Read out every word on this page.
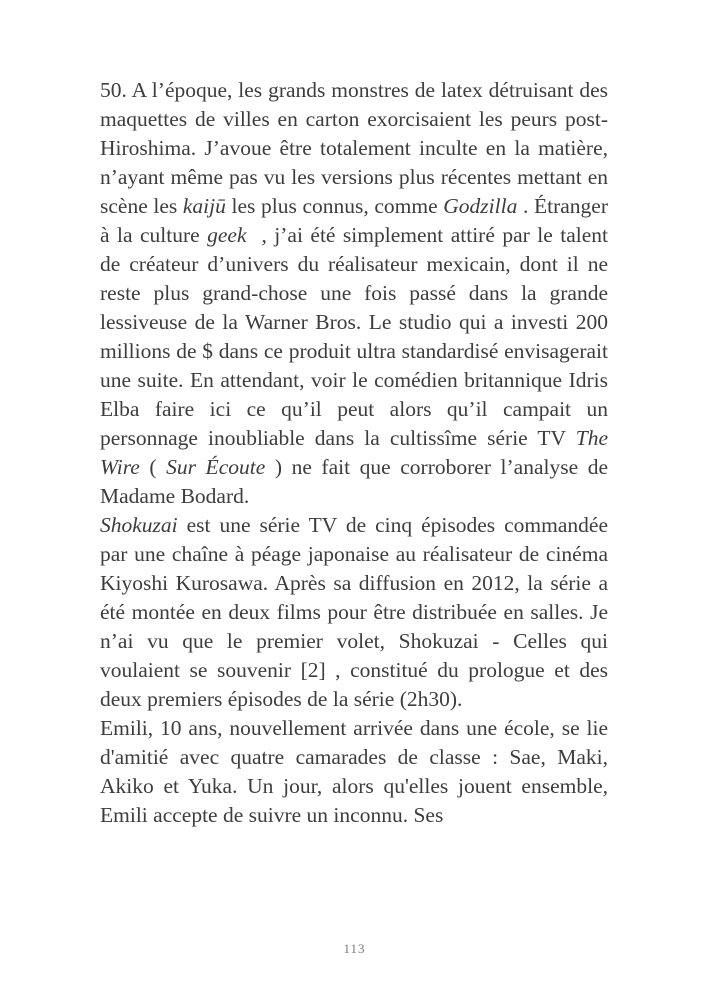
50. A l’époque, les grands monstres de latex détruisant des maquettes de villes en carton exorcisaient les peurs post-Hiroshima. J’avoue être totalement inculte en la matière, n’ayant même pas vu les versions plus récentes mettant en scène les kaijū les plus connus, comme Godzilla . Étranger à la culture geek  , j’ai été simplement attiré par le talent de créateur d’univers du réalisateur mexicain, dont il ne reste plus grand-chose une fois passé dans la grande lessiveuse de la Warner Bros. Le studio qui a investi 200 millions de $ dans ce produit ultra standardisé envisagerait une suite. En attendant, voir le comédien britannique Idris Elba faire ici ce qu’il peut alors qu’il campait un personnage inoubliable dans la cultissîme série TV The Wire ( Sur Écoute ) ne fait que corroborer l’analyse de Madame Bodard.

Shokuzai est une série TV de cinq épisodes commandée par une chaîne à péage japonaise au réalisateur de cinéma Kiyoshi Kurosawa. Après sa diffusion en 2012, la série a été montée en deux films pour être distribuée en salles. Je n’ai vu que le premier volet, Shokuzai - Celles qui voulaient se souvenir [2] , constitué du prologue et des deux premiers épisodes de la série (2h30).

Emili, 10 ans, nouvellement arrivée dans une école, se lie d'amitié avec quatre camarades de classe : Sae, Maki, Akiko et Yuka. Un jour, alors qu'elles jouent ensemble, Emili accepte de suivre un inconnu. Ses

113
